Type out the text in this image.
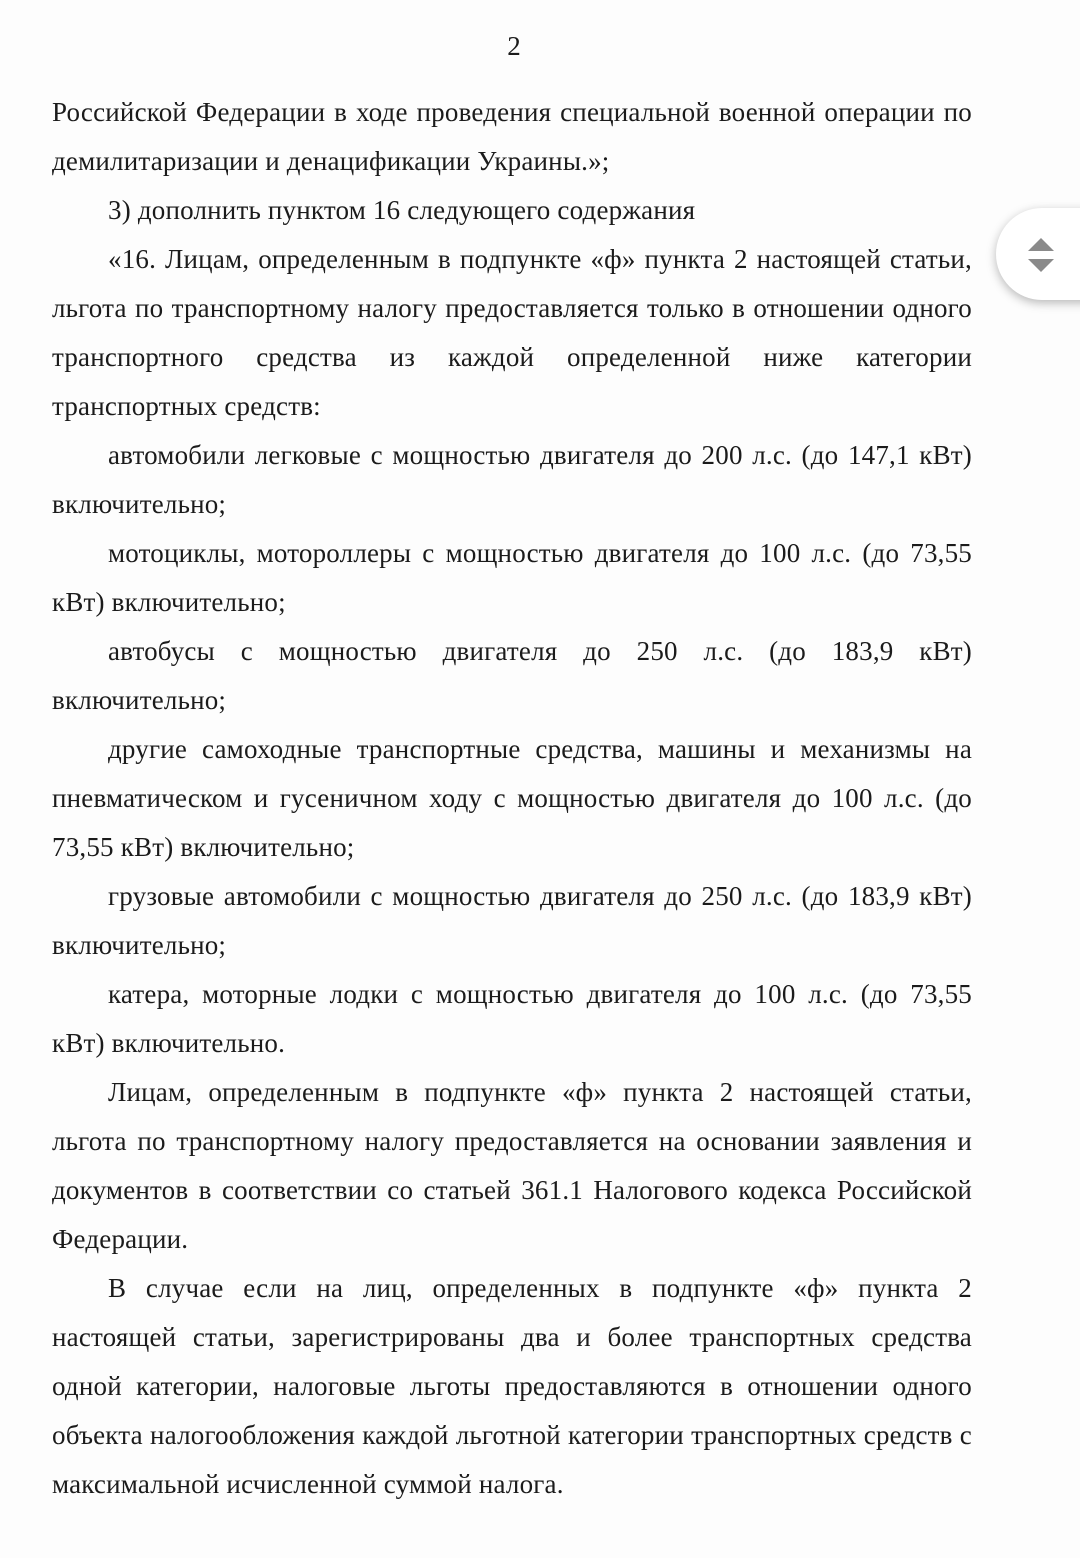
2

Российской Федерации в ходе проведения специальной военной операции по демилитаризации и денацификации Украины.»;

3) дополнить пунктом 16 следующего содержания

«16. Лицам, определенным в подпункте «ф» пункта 2 настоящей статьи, льгота по транспортному налогу предоставляется только в отношении одного транспортного средства из каждой определенной ниже категории транспортных средств:

автомобили легковые с мощностью двигателя до 200 л.с. (до 147,1 кВт) включительно;

мотоциклы, мотороллеры с мощностью двигателя до 100 л.с. (до 73,55 кВт) включительно;

автобусы с мощностью двигателя до 250 л.с. (до 183,9 кВт) включительно;

другие самоходные транспортные средства, машины и механизмы на пневматическом и гусеничном ходу с мощностью двигателя до 100 л.с. (до 73,55 кВт) включительно;

грузовые автомобили с мощностью двигателя до 250 л.с. (до 183,9 кВт) включительно;

катера, моторные лодки с мощностью двигателя до 100 л.с. (до 73,55 кВт) включительно.

Лицам, определенным в подпункте «ф» пункта 2 настоящей статьи, льгота по транспортному налогу предоставляется на основании заявления и документов в соответствии со статьей 361.1 Налогового кодекса Российской Федерации.

В случае если на лиц, определенных в подпункте «ф» пункта 2 настоящей статьи, зарегистрированы два и более транспортных средства одной категории, налоговые льготы предоставляются в отношении одного объекта налогообложения каждой льготной категории транспортных средств с максимальной исчисленной суммой налога.
